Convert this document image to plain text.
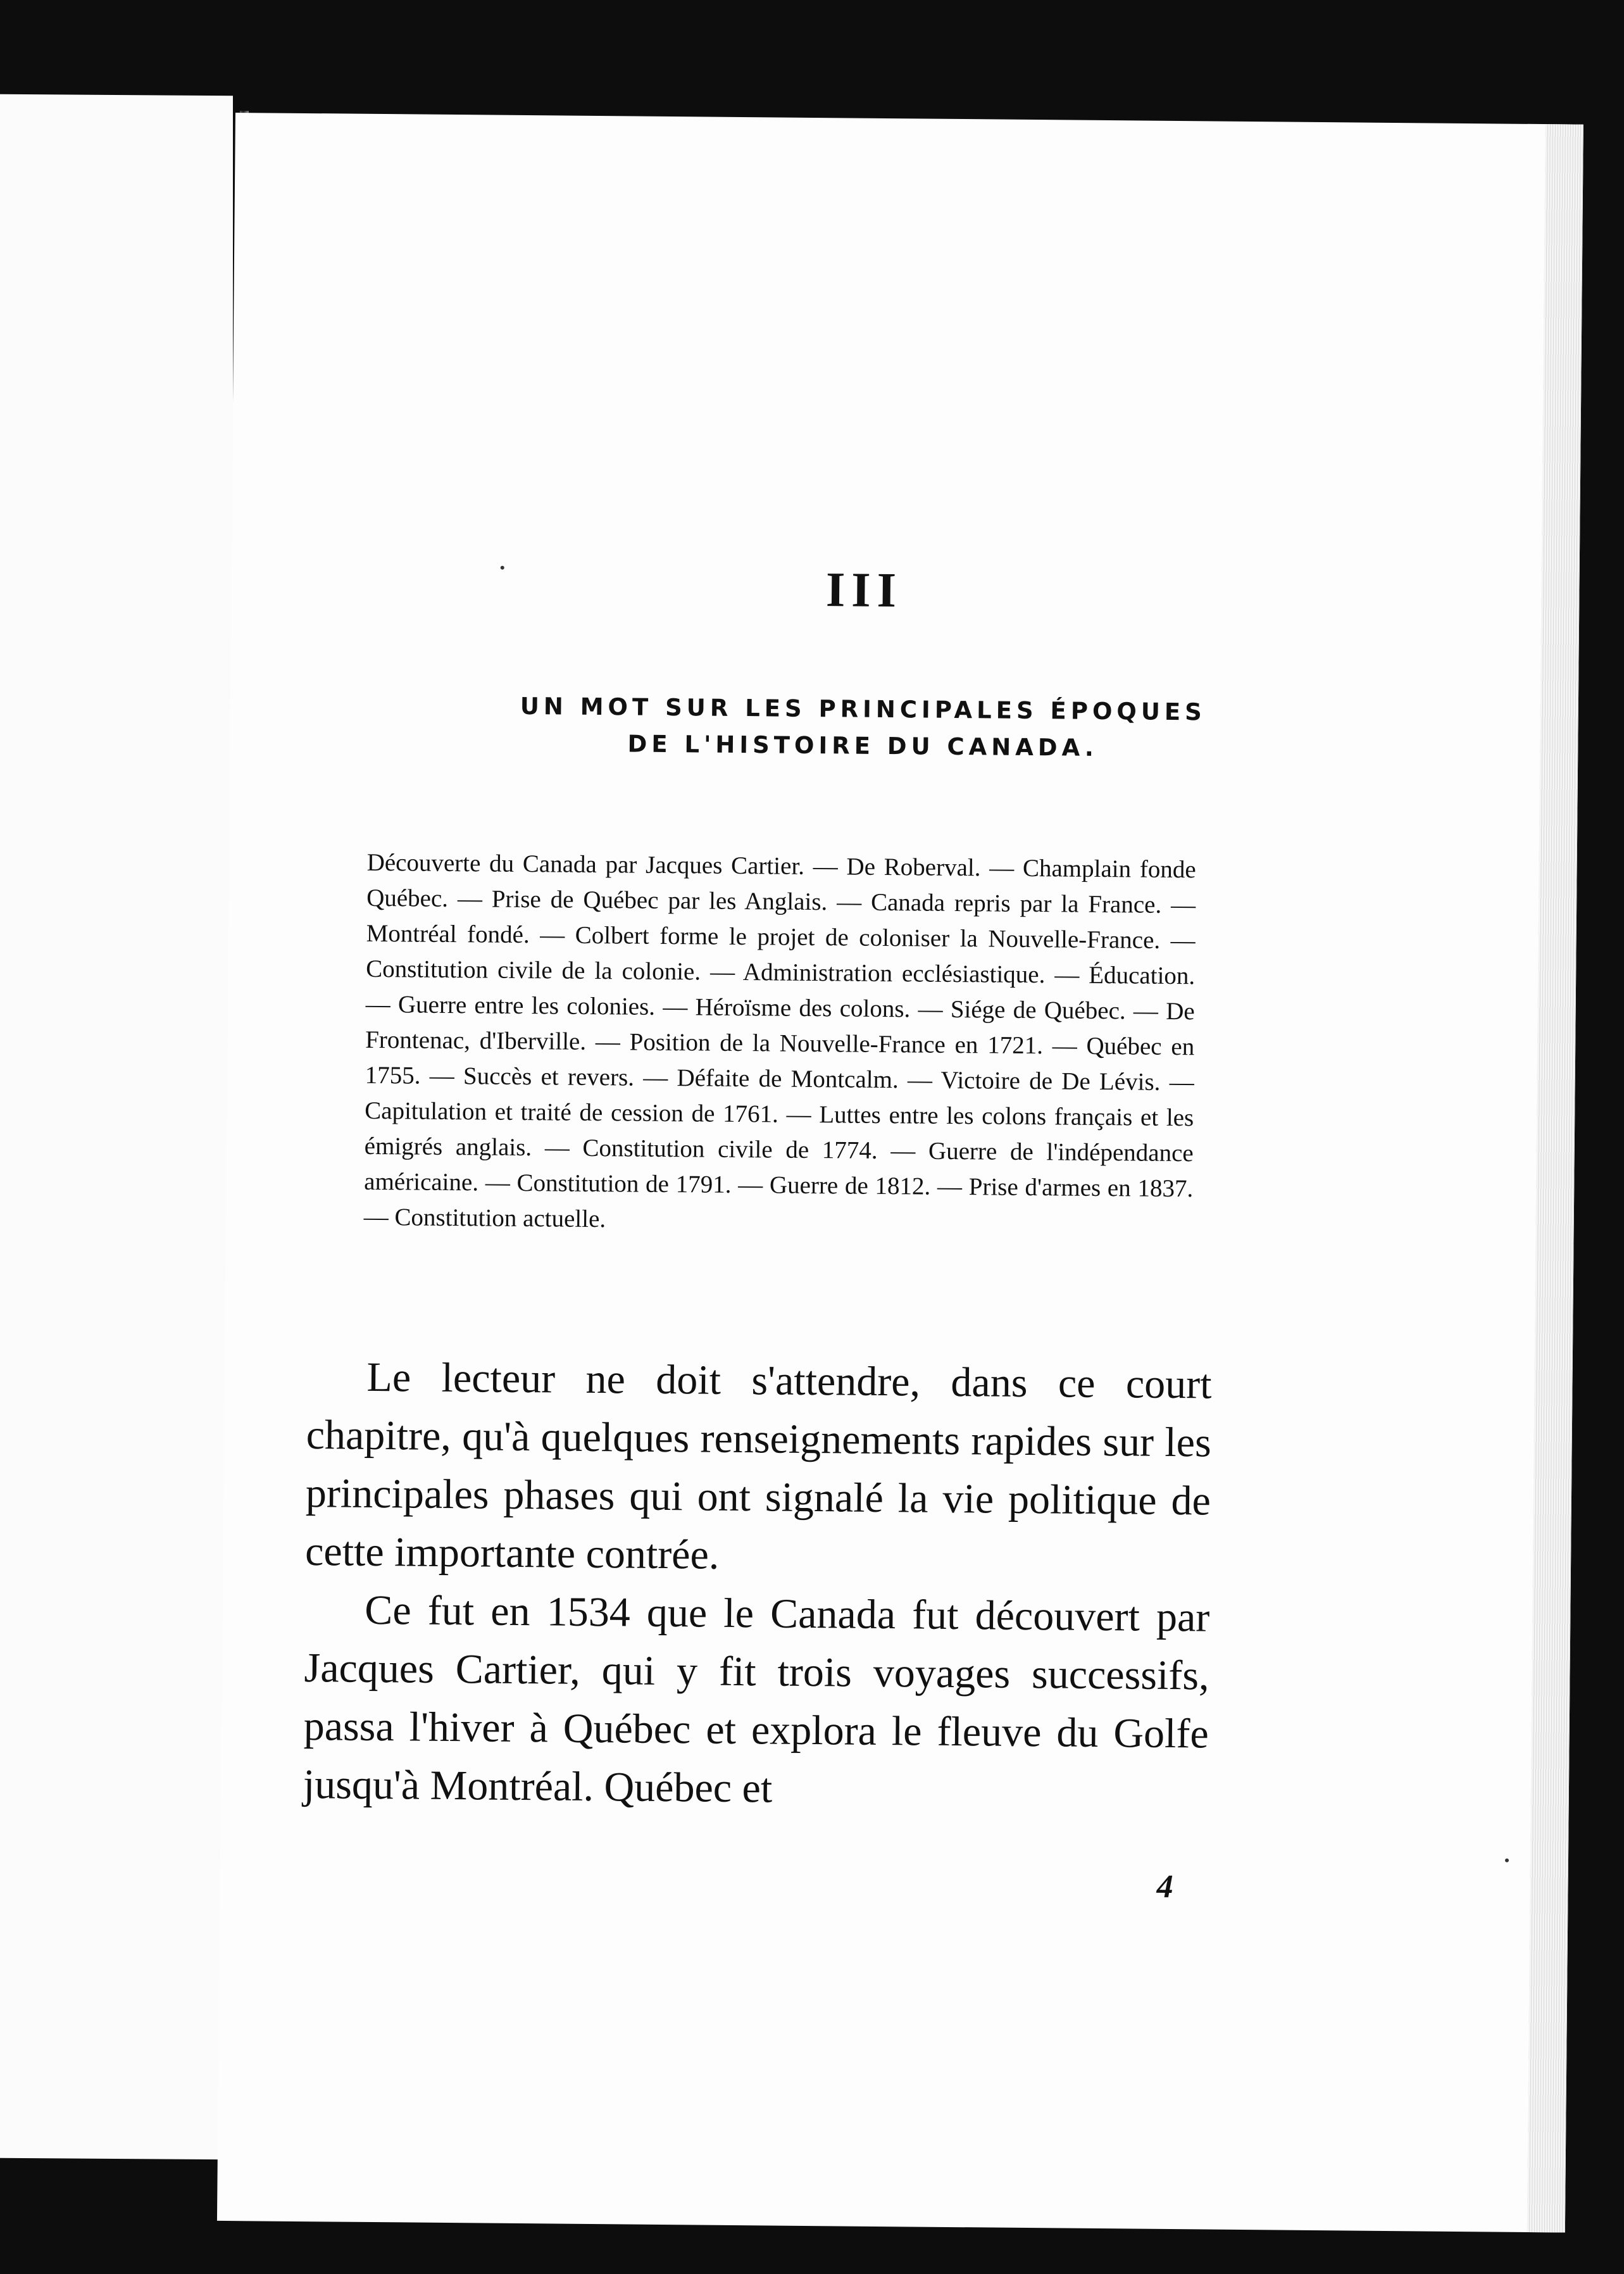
III
UN MOT SUR LES PRINCIPALES ÉPOQUES
DE L'HISTOIRE DU CANADA.
Découverte du Canada par Jacques Cartier. — De Roberval. — Champlain fonde Québec. — Prise de Québec par les Anglais. — Canada repris par la France. — Montréal fondé. — Colbert forme le projet de coloniser la Nouvelle-France. — Constitution civile de la colonie. — Administration ecclésiastique. — Éducation. — Guerre entre les colonies. — Héroïsme des colons. — Siége de Québec. — De Frontenac, d'Iberville. — Position de la Nouvelle-France en 1721. — Québec en 1755. — Succès et revers. — Défaite de Montcalm. — Victoire de De Lévis. — Capitulation et traité de cession de 1761. — Luttes entre les colons français et les émigrés anglais. — Constitution civile de 1774. — Guerre de l'indépendance américaine. — Constitution de 1791. — Guerre de 1812. — Prise d'armes en 1837. — Constitution actuelle.

Le lecteur ne doit s'attendre, dans ce court chapitre, qu'à quelques renseignements rapides sur les principales phases qui ont signalé la vie politique de cette importante contrée.

Ce fut en 1534 que le Canada fut découvert par Jacques Cartier, qui y fit trois voyages successifs, passa l'hiver à Québec et explora le fleuve du Golfe jusqu'à Montréal. Québec et

4
